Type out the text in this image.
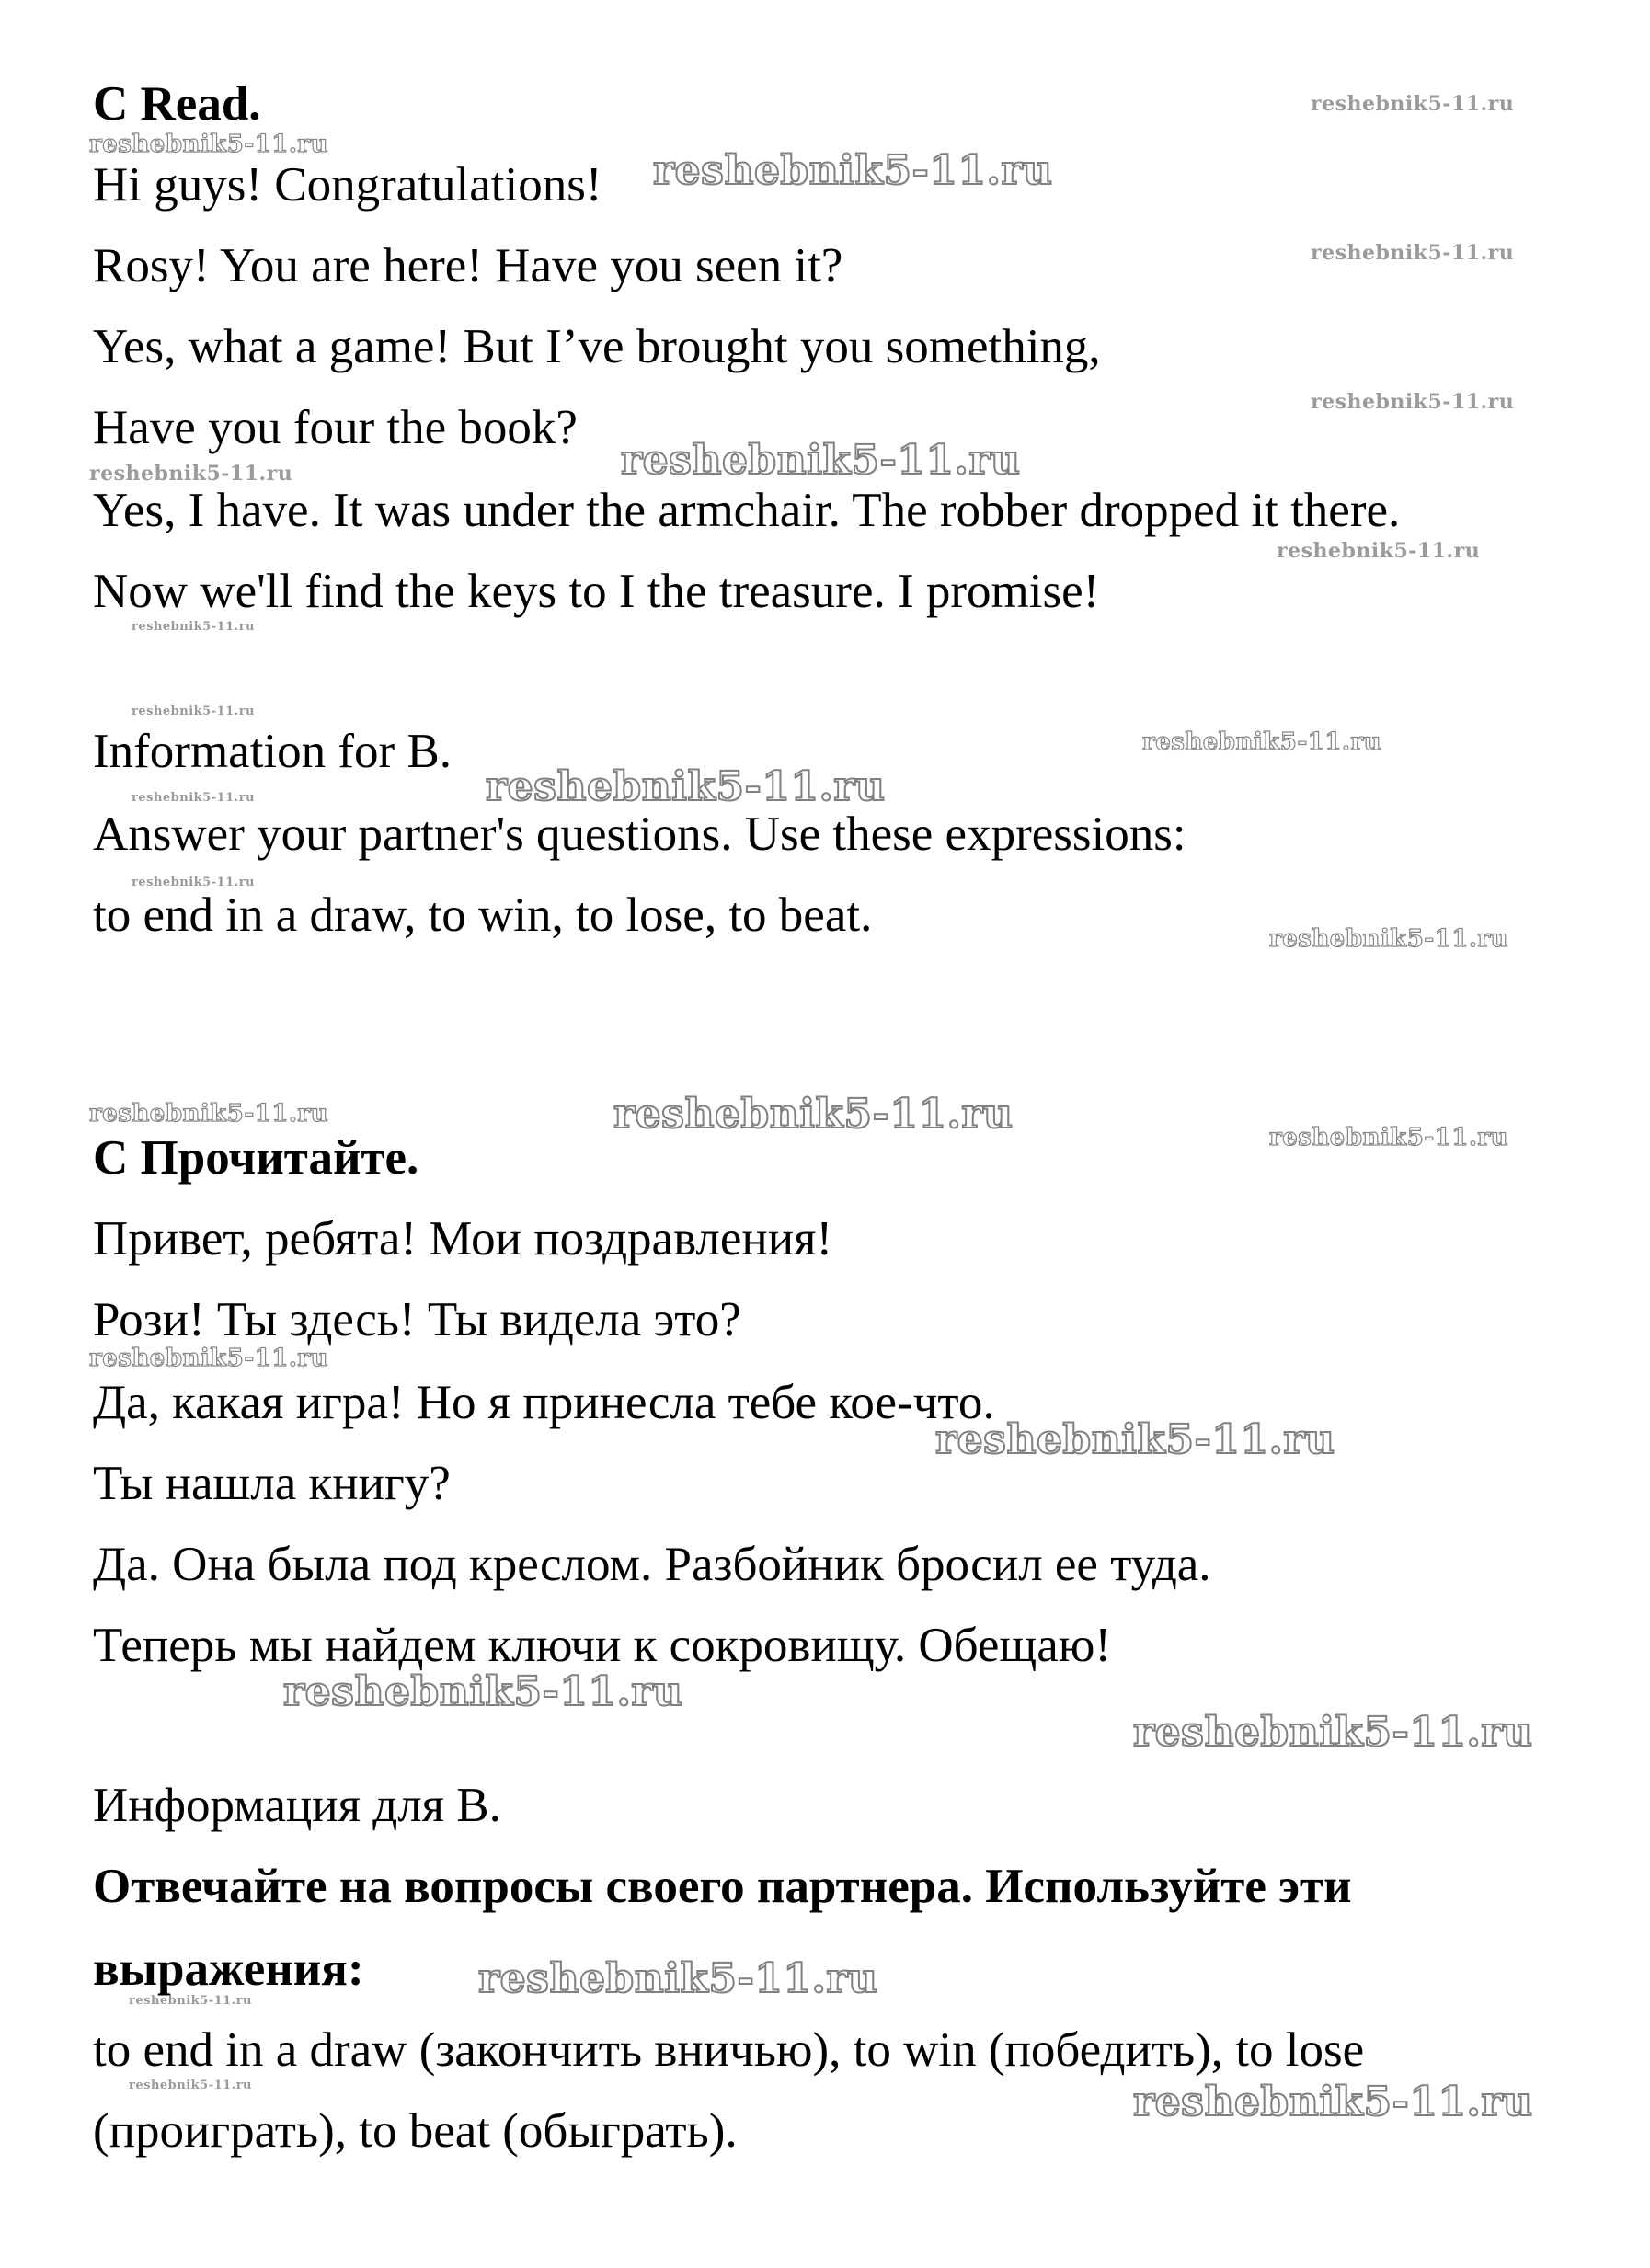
C Read.
Hi guys! Congratulations!
Rosy! You are here! Have you seen it?
Yes, what a game! But I’ve brought you something,
Have you four the book?
Yes, I have. It was under the armchair. The robber dropped it there.
Now we'll find the keys to I the treasure. I promise!
Information for B.
Answer your partner's questions. Use these expressions:
to end in a draw, to win, to lose, to beat.
C Прочитайте.
Привет, ребята! Мои поздравления!
Рози! Ты здесь! Ты видела это?
Да, какая игра! Но я принесла тебе кое-что.
Ты нашла книгу?
Да. Она была под креслом. Разбойник бросил ее туда.
Теперь мы найдем ключи к сокровищу. Обещаю!
Информация для В.
Отвечайте на вопросы своего партнера. Используйте эти
выражения:
to end in a draw (закончить вничью), to win (победить), to lose
(проиграть), to beat (обыграть).
reshebnik5-11.ru
reshebnik5-11.ru
reshebnik5-11.ru
reshebnik5-11.ru
reshebnik5-11.ru
reshebnik5-11.ru
reshebnik5-11.ru
reshebnik5-11.ru
reshebnik5-11.ru
reshebnik5-11.ru
reshebnik5-11.ru
reshebnik5-11.ru
reshebnik5-11.ru
reshebnik5-11.ru
reshebnik5-11.ru
reshebnik5-11.ru	reshebnik5-11.ru	reshebnik5-11.ru
reshebnik5-11.ru
reshebnik5-11.ru
reshebnik5-11.ru
reshebnik5-11.ru
reshebnik5-11.ru
reshebnik5-11.ru
reshebnik5-11.ru	reshebnik5-11.ru
